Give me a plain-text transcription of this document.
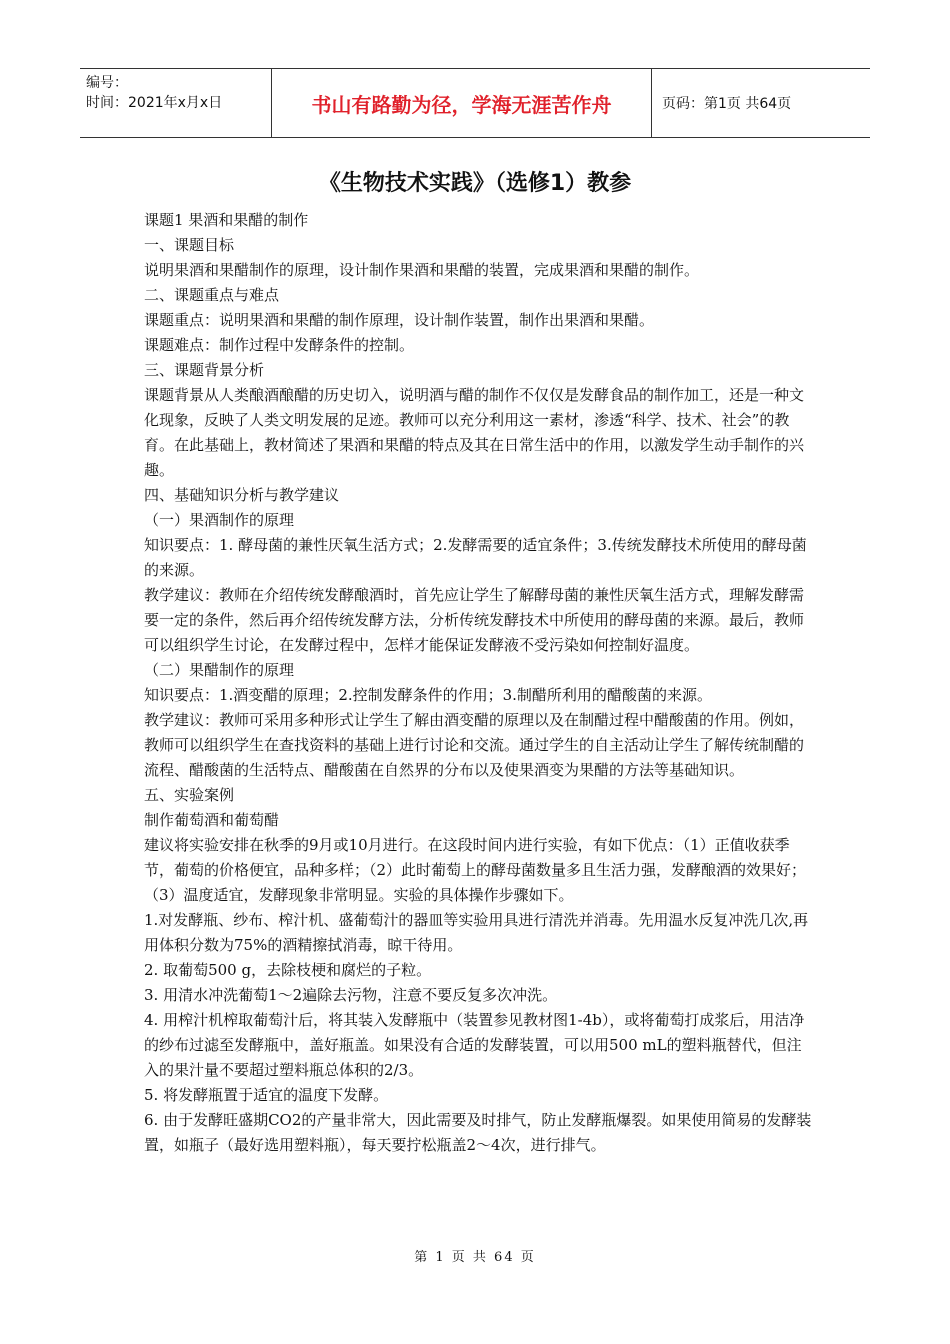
编号：
时间：2021年x月x日	书山有路勤为径，学海无涯苦作舟	页码：第1页 共64页
《生物技术实践》（选修1）教参

课题1 果酒和果醋的制作

一、课题目标

说明果酒和果醋制作的原理，设计制作果酒和果醋的装置，完成果酒和果醋的制作。

二、课题重点与难点

课题重点：说明果酒和果醋的制作原理，设计制作装置，制作出果酒和果醋。

课题难点：制作过程中发酵条件的控制。

三、课题背景分析

课题背景从人类酿酒酿醋的历史切入，说明酒与醋的制作不仅仅是发酵食品的制作加工，还是一种文化现象，反映了人类文明发展的足迹。教师可以充分利用这一素材，渗透“科学、技术、社会”的教育。在此基础上，教材简述了果酒和果醋的特点及其在日常生活中的作用，以激发学生动手制作的兴趣。

四、基础知识分析与教学建议

（一）果酒制作的原理

知识要点：1. 酵母菌的兼性厌氧生活方式；2.发酵需要的适宜条件；3.传统发酵技术所使用的酵母菌的来源。

教学建议：教师在介绍传统发酵酿酒时，首先应让学生了解酵母菌的兼性厌氧生活方式，理解发酵需要一定的条件，然后再介绍传统发酵方法，分析传统发酵技术中所使用的酵母菌的来源。最后，教师可以组织学生讨论，在发酵过程中，怎样才能保证发酵液不受污染如何控制好温度。

（二）果醋制作的原理

知识要点：1.酒变醋的原理；2.控制发酵条件的作用；3.制醋所利用的醋酸菌的来源。

教学建议：教师可采用多种形式让学生了解由酒变醋的原理以及在制醋过程中醋酸菌的作用。例如，教师可以组织学生在查找资料的基础上进行讨论和交流。通过学生的自主活动让学生了解传统制醋的流程、醋酸菌的生活特点、醋酸菌在自然界的分布以及使果酒变为果醋的方法等基础知识。

五、实验案例

制作葡萄酒和葡萄醋

建议将实验安排在秋季的9月或10月进行。在这段时间内进行实验，有如下优点：（1）正值收获季节，葡萄的价格便宜，品种多样；（2）此时葡萄上的酵母菌数量多且生活力强，发酵酿酒的效果好；（3）温度适宜，发酵现象非常明显。实验的具体操作步骤如下。

1.对发酵瓶、纱布、榨汁机、盛葡萄汁的器皿等实验用具进行清洗并消毒。先用温水反复冲洗几次,再用体积分数为75%的酒精擦拭消毒，晾干待用。

2. 取葡萄500 g，去除枝梗和腐烂的子粒。

3. 用清水冲洗葡萄1～2遍除去污物，注意不要反复多次冲洗。

4. 用榨汁机榨取葡萄汁后，将其装入发酵瓶中（装置参见教材图1-4b），或将葡萄打成浆后，用洁净的纱布过滤至发酵瓶中，盖好瓶盖。如果没有合适的发酵装置，可以用500 mL的塑料瓶替代，但注入的果汁量不要超过塑料瓶总体积的2/3。

5. 将发酵瓶置于适宜的温度下发酵。

6. 由于发酵旺盛期CO2的产量非常大，因此需要及时排气，防止发酵瓶爆裂。如果使用简易的发酵装置，如瓶子（最好选用塑料瓶），每天要拧松瓶盖2～4次，进行排气。

第 1 页 共 64 页
